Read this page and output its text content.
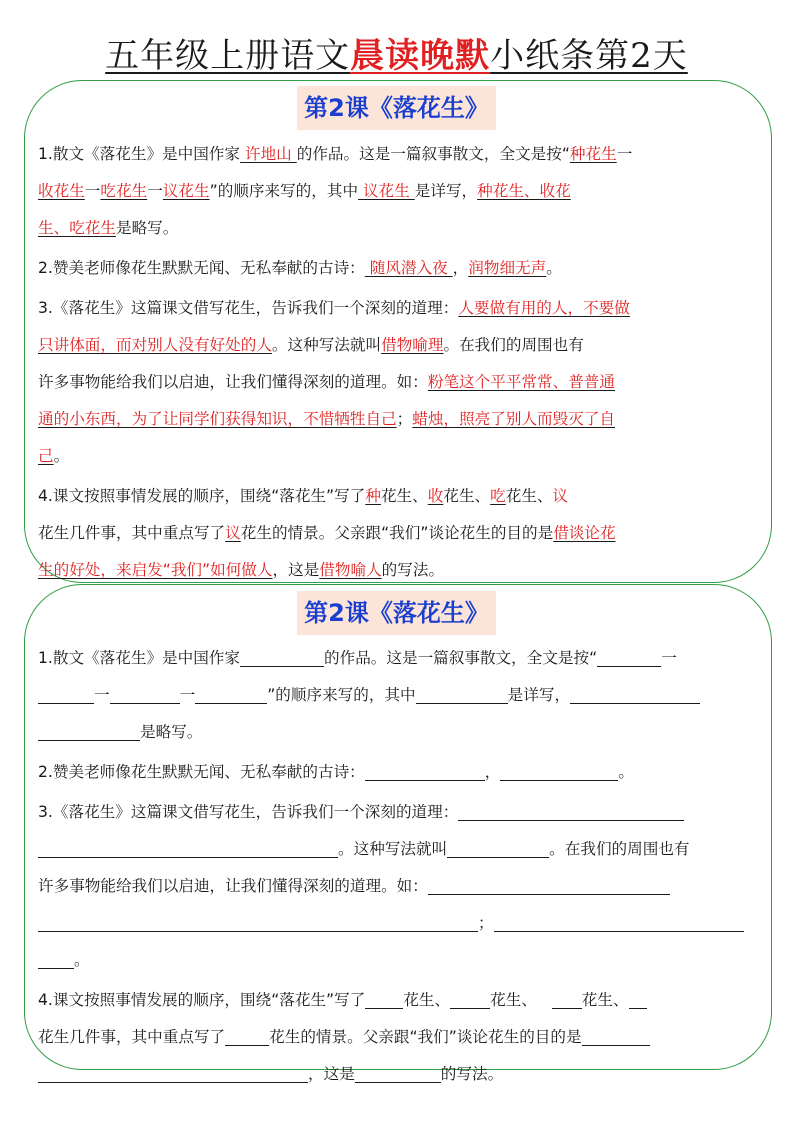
五年级上册语文晨读晚默小纸条第2天
第2课《落花生》

1.散文《落花生》是中国作家 许地山 的作品。这是一篇叙事散文，全文是按“种花生一

收花生一吃花生一议花生”的顺序来写的，其中 议花生 是详写，种花生、收花

生、吃花生是略写。

2.赞美老师像花生默默无闻、无私奉献的古诗： 随风潜入夜 ，润物细无声。

3.《落花生》这篇课文借写花生，告诉我们一个深刻的道理：人要做有用的人，不要做

只讲体面，而对别人没有好处的人。这种写法就叫借物喻理。在我们的周围也有

许多事物能给我们以启迪，让我们懂得深刻的道理。如：粉笔这个平平常常、普普通

通的小东西，为了让同学们获得知识，不惜牺牲自己；蜡烛，照亮了别人而毁灭了自

己。

4.课文按照事情发展的顺序，围绕“落花生”写了种花生、收花生、吃花生、议

花生几件事，其中重点写了议花生的情景。父亲跟“我们”谈论花生的目的是借谈论花

生的好处，来启发“我们”如何做人，这是借物喻人的写法。

第2课《落花生》

1.散文《落花生》是中国作家	的作品。这是一篇叙事散文，全文是按“	一

一	一	”的顺序来写的，其中	是详写，

是略写。

2.赞美老师像花生默默无闻、无私奉献的古诗：	，	。

3.《落花生》这篇课文借写花生，告诉我们一个深刻的道理：

。这种写法就叫	。在我们的周围也有

许多事物能给我们以启迪，让我们懂得深刻的道理。如：

；

。

4.课文按照事情发展的顺序，围绕“落花生”写了 花生、	花生、	花生、

花生几件事，其中重点写了	花生的情景。父亲跟“我们”谈论花生的目的是

，这是	的写法。
